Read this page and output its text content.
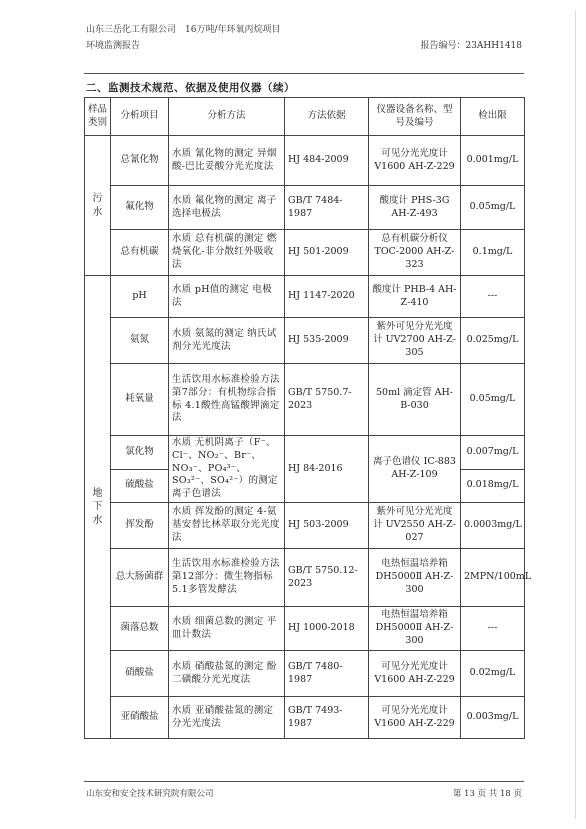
山东三岳化工有限公司　16万吨/年环氧丙烷项目
环境监测报告	报告编号：23AHH1418
二、监测技术规范、依据及使用仪器（续）
样品类别	分析项目	分析方法	方法依据	仪器设备名称、型号及编号	检出限
污水	总氰化物	水质 氰化物的测定 异烟酸-巴比妥酸分光光度法	HJ 484-2009	可见分光光度计 V1600 AH-Z-229	0.001mg/L
	氟化物	水质 氟化物的测定 离子选择电极法	GB/T 7484-1987	酸度计 PHS-3G AH-Z-493	0.05mg/L
	总有机碳	水质 总有机碳的测定 燃烧氧化-非分散红外吸收法	HJ 501-2009	总有机碳分析仪 TOC-2000 AH-Z-323	0.1mg/L
地下水	pH	水质 pH值的测定 电极法	HJ 1147-2020	酸度计 PHB-4 AH-Z-410	---
	氨氮	水质 氨氮的测定 纳氏试剂分光光度法	HJ 535-2009	紫外可见分光光度计 UV2700 AH-Z-305	0.025mg/L
	耗氧量	生活饮用水标准检验方法 第7部分：有机物综合指标 4.1酸性高锰酸钾滴定法	GB/T 5750.7-2023	50ml 滴定管 AH-B-030	0.05mg/L
	氯化物	水质 无机阴离子（F⁻、Cl⁻、NO₂⁻、Br⁻、NO₃⁻、PO₄³⁻、SO₃²⁻、SO₄²⁻）的测定 离子色谱法	HJ 84-2016	离子色谱仪 IC-883 AH-Z-109	0.007mg/L
	硫酸盐				0.018mg/L
	挥发酚	水质 挥发酚的测定 4-氨基安替比林萃取分光光度法	HJ 503-2009	紫外可见分光光度计 UV2550 AH-Z-027	0.0003mg/L
	总大肠菌群	生活饮用水标准检验方法 第12部分：微生物指标 5.1多管发酵法	GB/T 5750.12-2023	电热恒温培养箱 DH5000Ⅱ AH-Z-300	2MPN/100mL
	菌落总数	水质 细菌总数的测定 平皿计数法	HJ 1000-2018	电热恒温培养箱 DH5000Ⅱ AH-Z-300	---
	硝酸盐	水质 硝酸盐氮的测定 酚二磺酸分光光度法	GB/T 7480-1987	可见分光光度计 V1600 AH-Z-229	0.02mg/L
	亚硝酸盐	水质 亚硝酸盐氮的测定 分光光度法	GB/T 7493-1987	可见分光光度计 V1600 AH-Z-229	0.003mg/L
山东安和安全技术研究院有限公司	第 13 页 共 18 页
